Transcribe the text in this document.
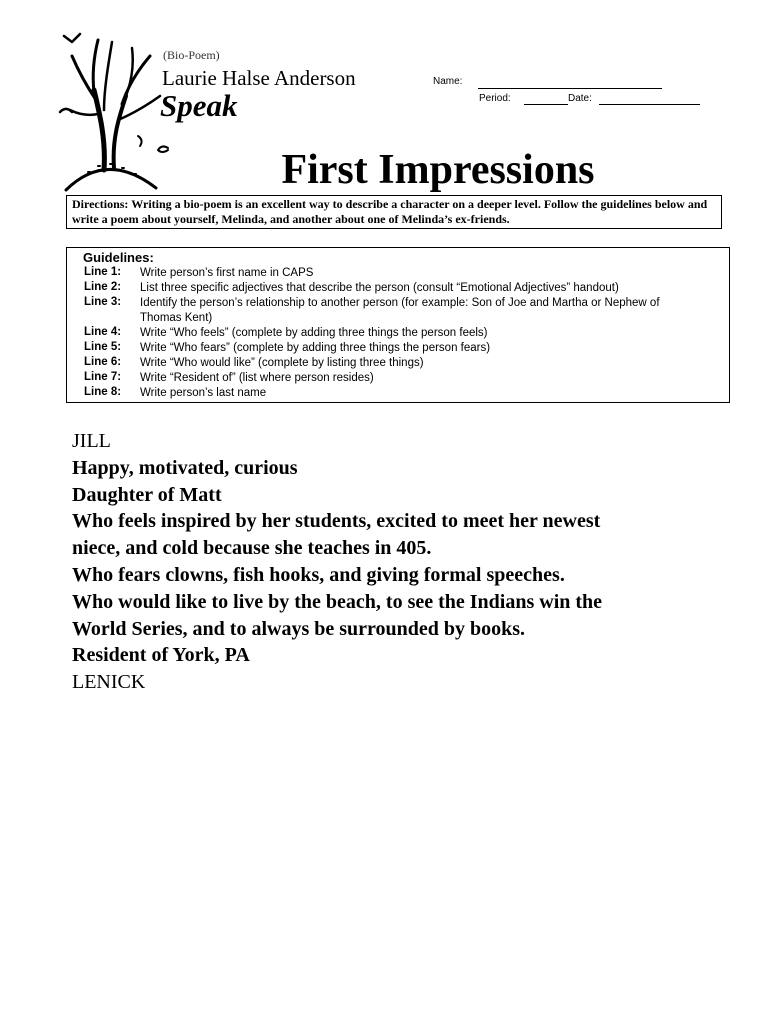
(Bio-Poem)
Laurie Halse Anderson
Speak
Name:
Period:	Date:
First Impressions
Directions: Writing a bio-poem is an excellent way to describe a character on a deeper level. Follow the guidelines below and write a poem about yourself, Melinda, and another about one of Melinda’s ex-friends.
Guidelines:
Line 1: Write person’s first name in CAPS
Line 2: List three specific adjectives that describe the person (consult “Emotional Adjectives” handout)
Line 3: Identify the person’s relationship to another person (for example: Son of Joe and Martha or Nephew of Thomas Kent)
Line 4: Write “Who feels” (complete by adding three things the person feels)
Line 5: Write “Who fears” (complete by adding three things the person fears)
Line 6: Write “Who would like” (complete by listing three things)
Line 7: Write “Resident of” (list where person resides)
Line 8: Write person’s last name
JILL
Happy, motivated, curious
Daughter of Matt
Who feels inspired by her students, excited to meet her newest
niece, and cold because she teaches in 405.
Who fears clowns, fish hooks, and giving formal speeches.
Who would like to live by the beach, to see the Indians win the
World Series, and to always be surrounded by books.
Resident of York, PA
LENICK
